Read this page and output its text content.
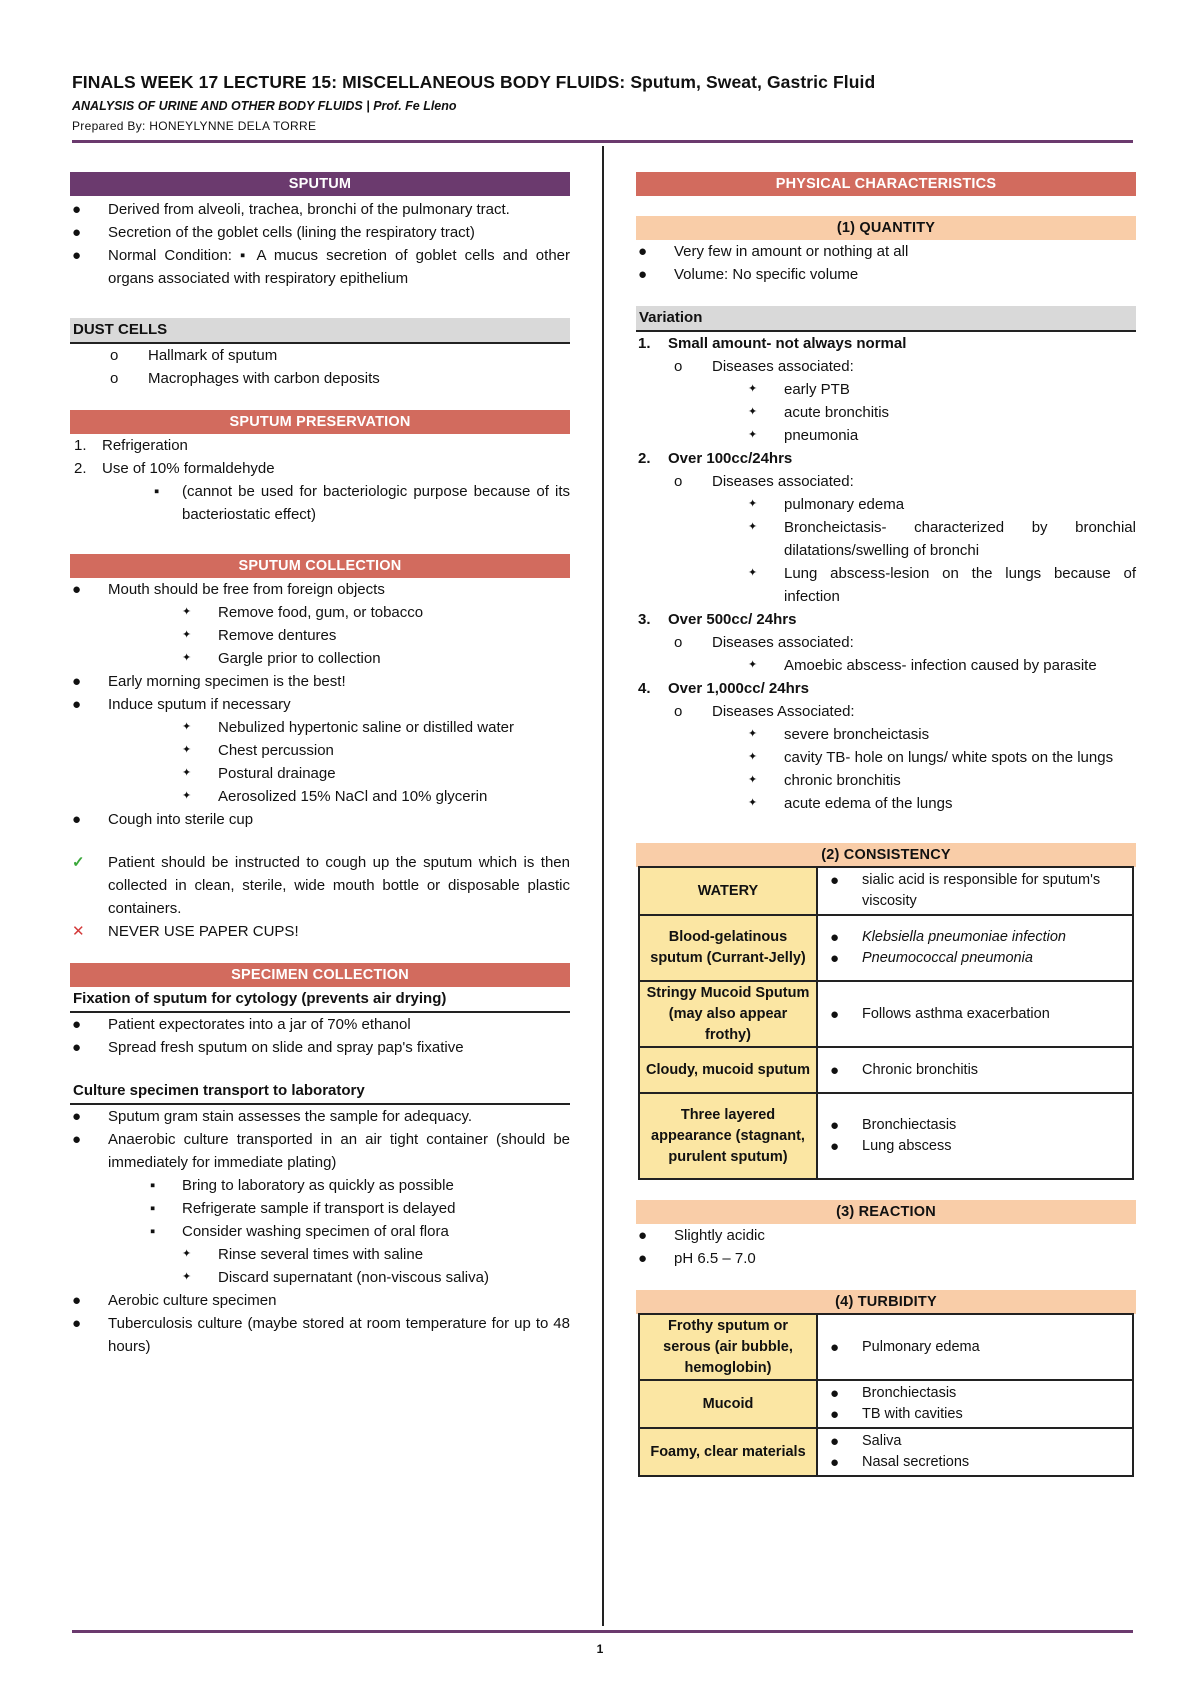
FINALS WEEK 17 LECTURE 15: MISCELLANEOUS BODY FLUIDS: Sputum, Sweat, Gastric Fluid
ANALYSIS OF URINE AND OTHER BODY FLUIDS | Prof. Fe Lleno
Prepared By: HONEYLYNNE DELA TORRE
SPUTUM
● Derived from alveoli, trachea, bronchi of the pulmonary tract.
● Secretion of the goblet cells (lining the respiratory tract)
● Normal Condition: ▪ A mucus secretion of goblet cells and other organs associated with respiratory epithelium
DUST CELLS
o Hallmark of sputum
o Macrophages with carbon deposits
SPUTUM PRESERVATION
1. Refrigeration
2. Use of 10% formaldehyde
▪ (cannot be used for bacteriologic purpose because of its bacteriostatic effect)
SPUTUM COLLECTION
● Mouth should be free from foreign objects
✦ Remove food, gum, or tobacco
✦ Remove dentures
✦ Gargle prior to collection
● Early morning specimen is the best!
● Induce sputum if necessary
✦ Nebulized hypertonic saline or distilled water
✦ Chest percussion
✦ Postural drainage
✦ Aerosolized 15% NaCl and 10% glycerin
● Cough into sterile cup
✓ Patient should be instructed to cough up the sputum which is then collected in clean, sterile, wide mouth bottle or disposable plastic containers.
✕ NEVER USE PAPER CUPS!
SPECIMEN COLLECTION
Fixation of sputum for cytology (prevents air drying)
● Patient expectorates into a jar of 70% ethanol
● Spread fresh sputum on slide and spray pap's fixative
Culture specimen transport to laboratory
● Sputum gram stain assesses the sample for adequacy.
● Anaerobic culture transported in an air tight container (should be immediately for immediate plating)
▪ Bring to laboratory as quickly as possible
▪ Refrigerate sample if transport is delayed
▪ Consider washing specimen of oral flora
✦ Rinse several times with saline
✦ Discard supernatant (non-viscous saliva)
● Aerobic culture specimen
● Tuberculosis culture (maybe stored at room temperature for up to 48 hours)
PHYSICAL CHARACTERISTICS
(1) QUANTITY
● Very few in amount or nothing at all
● Volume: No specific volume
Variation
1. Small amount- not always normal
o Diseases associated:
✦ early PTB
✦ acute bronchitis
✦ pneumonia
2. Over 100cc/24hrs
o Diseases associated:
✦ pulmonary edema
✦ Broncheictasis- characterized by bronchial dilatations/swelling of bronchi
✦ Lung abscess-lesion on the lungs because of infection
3. Over 500cc/ 24hrs
o Diseases associated:
✦ Amoebic abscess- infection caused by parasite
4. Over 1,000cc/ 24hrs
o Diseases Associated:
✦ severe broncheictasis
✦ cavity TB- hole on lungs/ white spots on the lungs
✦ chronic bronchitis
✦ acute edema of the lungs
(2) CONSISTENCY
WATERY	● sialic acid is responsible for sputum's viscosity

Blood-gelatinous sputum (Currant-Jelly)	● Klebsiella pneumoniae infection
● Pneumococcal pneumonia

Stringy Mucoid Sputum (may also appear frothy)	● Follows asthma exacerbation

Cloudy, mucoid sputum	● Chronic bronchitis

Three layered appearance (stagnant, purulent sputum)	● Bronchiectasis
● Lung abscess
(3) REACTION
● Slightly acidic
● pH 6.5 – 7.0
(4) TURBIDITY
Frothy sputum or serous (air bubble, hemoglobin)	● Pulmonary edema

Mucoid	● Bronchiectasis
● TB with cavities

Foamy, clear materials	● Saliva
● Nasal secretions
1
